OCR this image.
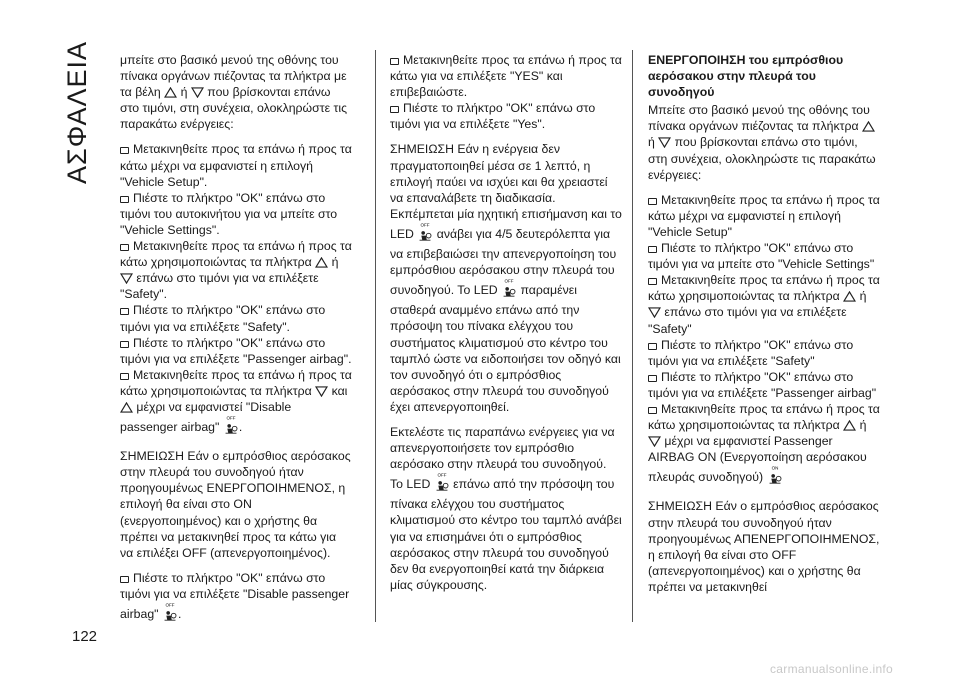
ΑΣΦΑΛΕΙΑ	μπείτε στο βασικό μενού της οθόνης του πίνακα οργάνων πιέζοντας τα πλήκτρα με τα βέλη  ή  που βρίσκονται επάνω στο τιμόνι, στη συνέχεια, ολοκληρώστε τις παρακάτω ενέργειες:

Μετακινηθείτε προς τα επάνω ή προς τα κάτω μέχρι να εμφανιστεί η επιλογή "Vehicle Setup".

Πιέστε το πλήκτρο "OK" επάνω στο τιμόνι του αυτοκινήτου για να μπείτε στο "Vehicle Settings".

Μετακινηθείτε προς τα επάνω ή προς τα κάτω χρησιμοποιώντας τα πλήκτρα  ή  επάνω στο τιμόνι για να επιλέξετε "Safety".

Πιέστε το πλήκτρο "OK" επάνω στο τιμόνι για να επιλέξετε "Safety".

Πιέστε το πλήκτρο "OK" επάνω στο τιμόνι για να επιλέξετε "Passenger airbag".

Μετακινηθείτε προς τα επάνω ή προς τα κάτω χρησιμοποιώντας τα πλήκτρα  και  μέχρι να εμφανιστεί "Disable passenger airbag"
OFF
.

ΣΗΜΕΙΩΣΗ Εάν ο εμπρόσθιος αερόσακος στην πλευρά του συνοδηγού ήταν προηγουμένως ΕΝΕΡΓΟΠΟΙΗΜΕΝΟΣ, η επιλογή θα είναι στο ON (ενεργοποιημένος) και ο χρήστης θα πρέπει να μετακινηθεί προς τα κάτω για να επιλέξει OFF (απενεργοποιημένος).

Πιέστε το πλήκτρο "OK" επάνω στο τιμόνι για να επιλέξετε "Disable passenger airbag"
OFF
.

Μετακινηθείτε προς τα επάνω ή προς τα κάτω για να επιλέξετε "YES" και επιβεβαιώστε.

Πιέστε το πλήκτρο "OK" επάνω στο τιμόνι για να επιλέξετε "Yes".

ΣΗΜΕΙΩΣΗ Εάν η ενέργεια δεν πραγματοποιηθεί μέσα σε 1 λεπτό, η επιλογή παύει να ισχύει και θα χρειαστεί να επαναλάβετε τη διαδικασία. Εκπέμπεται μία ηχητική επισήμανση και το LED
OFF
ανάβει για 4/5 δευτερόλεπτα για να επιβεβαιώσει την απενεργοποίηση του εμπρόσθιου αερόσακου στην πλευρά του συνοδηγού. Το LED
OFF
παραμένει σταθερά αναμμένο επάνω από την πρόσοψη του πίνακα ελέγχου του συστήματος κλιματισμού στο κέντρο του ταμπλό ώστε να ειδοποιήσει τον οδηγό και τον συνοδηγό ότι ο εμπρόσθιος αερόσακος στην πλευρά του συνοδηγού έχει απενεργοποιηθεί.

Εκτελέστε τις παραπάνω ενέργειες για να απενεργοποιήσετε τον εμπρόσθιο αερόσακο στην πλευρά του συνοδηγού. Το LED
OFF
επάνω από την πρόσοψη του πίνακα ελέγχου του συστήματος κλιματισμού στο κέντρο του ταμπλό ανάβει για να επισημάνει ότι ο εμπρόσθιος αερόσακος στην πλευρά του συνοδηγού δεν θα ενεργοποιηθεί κατά την διάρκεια μίας σύγκρουσης.

ΕΝΕΡΓΟΠΟΙΗΣΗ του εμπρόσθιου αερόσακου στην πλευρά του συνοδηγού

Μπείτε στο βασικό μενού της οθόνης του πίνακα οργάνων πιέζοντας τα πλήκτρα  ή  που βρίσκονται επάνω στο τιμόνι, στη συνέχεια, ολοκληρώστε τις παρακάτω ενέργειες:

Μετακινηθείτε προς τα επάνω ή προς τα κάτω μέχρι να εμφανιστεί η επιλογή "Vehicle Setup"

Πιέστε το πλήκτρο "OK" επάνω στο τιμόνι για να μπείτε στο "Vehicle Settings"

Μετακινηθείτε προς τα επάνω ή προς τα κάτω χρησιμοποιώντας τα πλήκτρα  ή  επάνω στο τιμόνι για να επιλέξετε "Safety"

Πιέστε το πλήκτρο "OK" επάνω στο τιμόνι για να επιλέξετε "Safety"

Πιέστε το πλήκτρο "OK" επάνω στο τιμόνι για να επιλέξετε "Passenger airbag"

Μετακινηθείτε προς τα επάνω ή προς τα κάτω χρησιμοποιώντας τα πλήκτρα  ή  μέχρι να εμφανιστεί Passenger AIRBAG ON (Ενεργοποίηση αερόσακου πλευράς συνοδηγού)
ON

ΣΗΜΕΙΩΣΗ Εάν ο εμπρόσθιος αερόσακος στην πλευρά του συνοδηγού ήταν προηγουμένως ΑΠΕΝΕΡΓΟΠΟΙΗΜΕΝΟΣ, η επιλογή θα είναι στο OFF (απενεργοποιημένος) και ο χρήστης θα πρέπει να μετακινηθεί

122
carmanualsonline.info
